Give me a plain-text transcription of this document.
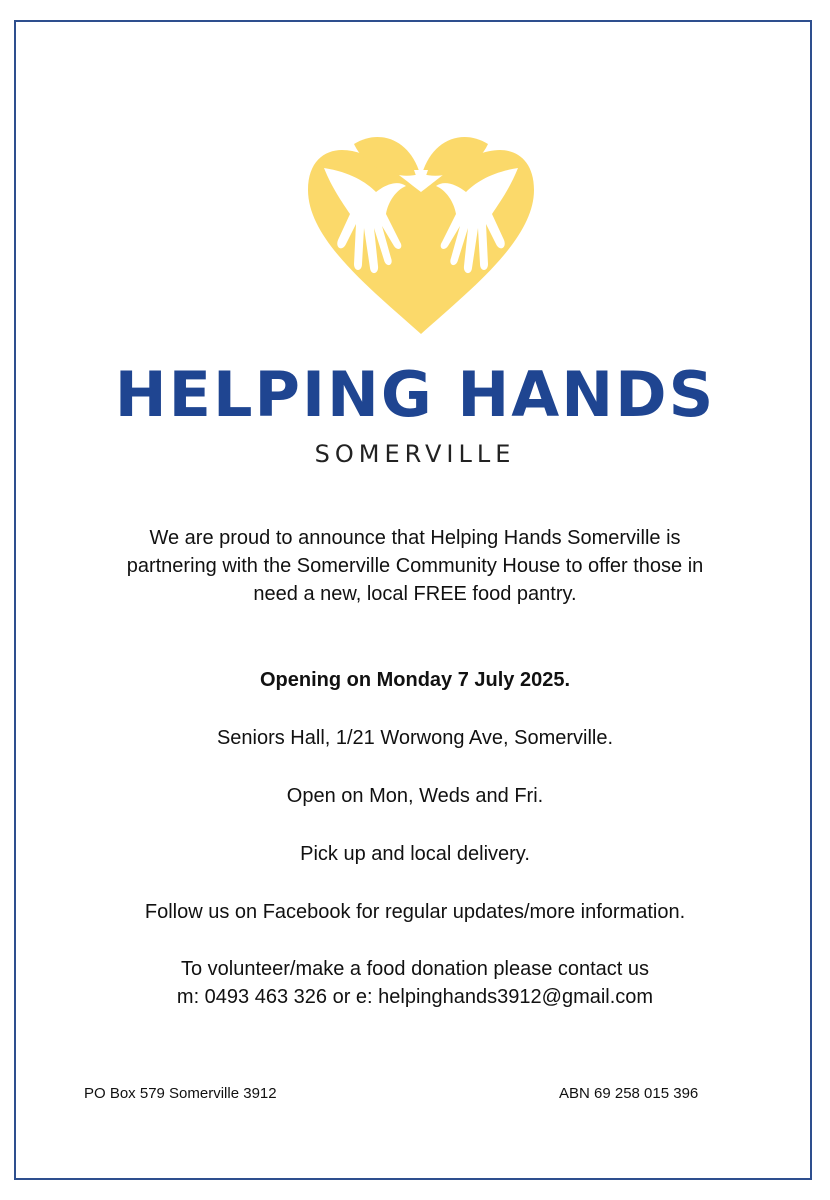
HELPING HANDS
SOMERVILLE
We are proud to announce that Helping Hands Somerville is
partnering with the Somerville Community House to offer those in
need a new, local FREE food pantry.
Opening on Monday 7 July 2025.
Seniors Hall, 1/21 Worwong Ave, Somerville.
Open on Mon, Weds and Fri.
Pick up and local delivery.
Follow us on Facebook for regular updates/more information.
To volunteer/make a food donation please contact us
m: 0493 463 326 or e: helpinghands3912@gmail.com
PO Box 579 Somerville 3912	ABN 69 258 015 396
